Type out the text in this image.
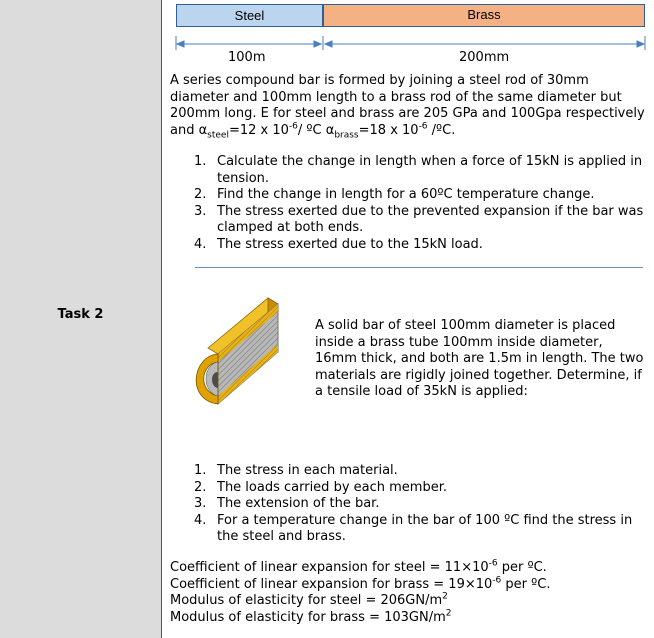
Task 2
Steel	Brass
100m	200mm

A series compound bar is formed by joining a steel rod of 30mm diameter and 100mm length to a brass rod of the same diameter but 200mm long. E for steel and brass are 205 GPa and 100Gpa respectively and $\alpha_{steel}=12$ x $10^{-6}/$ ºC $\alpha_{brass}=18$ x $10^{-6}$ /ºC.

1. Calculate the change in length when a force of 15kN is applied in tension.
2. Find the change in length for a 60ºC temperature change.
3. The stress exerted due to the prevented expansion if the bar was clamped at both ends.
4. The stress exerted due to the 15kN load.

A solid bar of steel 100mm diameter is placed inside a brass tube 100mm inside diameter, 16mm thick, and both are 1.5m in length. The two materials are rigidly joined together. Determine, if a tensile load of 35kN is applied:

1. The stress in each material.
2. The loads carried by each member.
3. The extension of the bar.
4. For a temperature change in the bar of 100 ºC find the stress in the steel and brass.
Coefficient of linear expansion for steel = $11\times 10^{-6}$ per ºC.
Coefficient of linear expansion for brass = $19\times 10^{-6}$ per ºC.
Modulus of elasticity for steel = $206GN/m^2$
Modulus of elasticity for brass = $103GN/m^2$
